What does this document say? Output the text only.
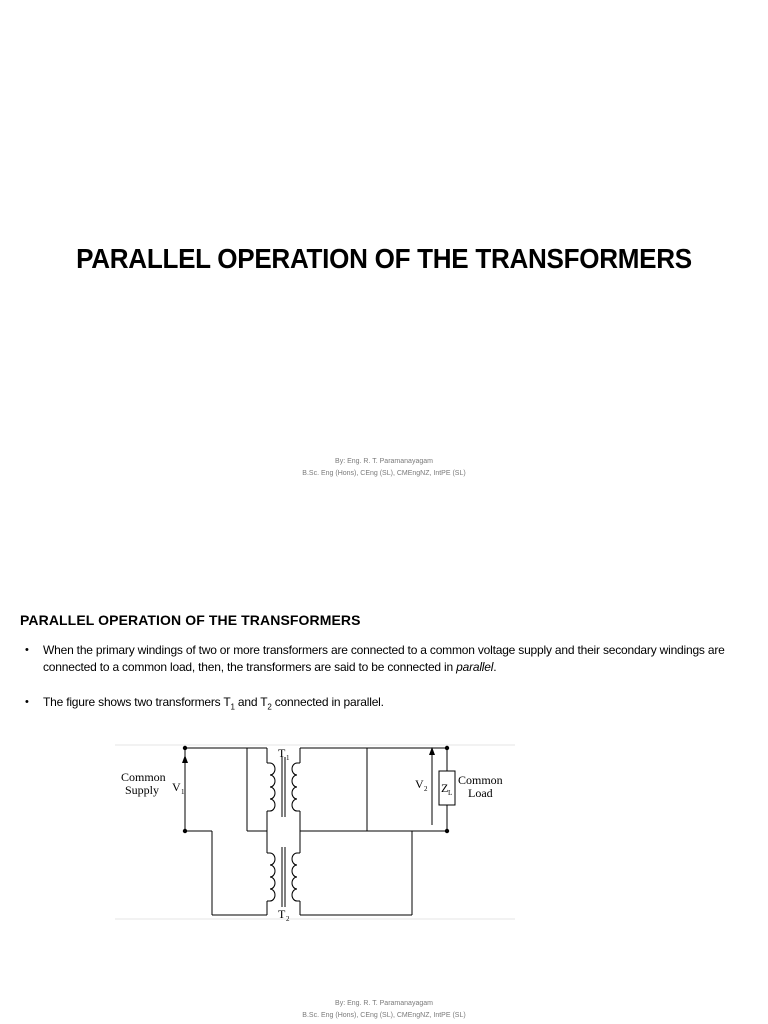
PARALLEL OPERATION OF THE TRANSFORMERS
By: Eng. R. T. Paramanayagam
B.Sc. Eng (Hons), CEng (SL), CMEngNZ, IntPE (SL)
PARALLEL OPERATION OF THE TRANSFORMERS
• When the primary windings of two or more transformers are connected to a common voltage supply and their secondary windings are connected to a common load, then, the transformers are said to be connected in parallel.
• The figure shows two transformers $T_1$ and $T_2$ connected in parallel.
Common
Supply V 1
V 2
T 1
T 2
Z L
Common
Load
By: Eng. R. T. Paramanayagam
B.Sc. Eng (Hons), CEng (SL), CMEngNZ, IntPE (SL)
